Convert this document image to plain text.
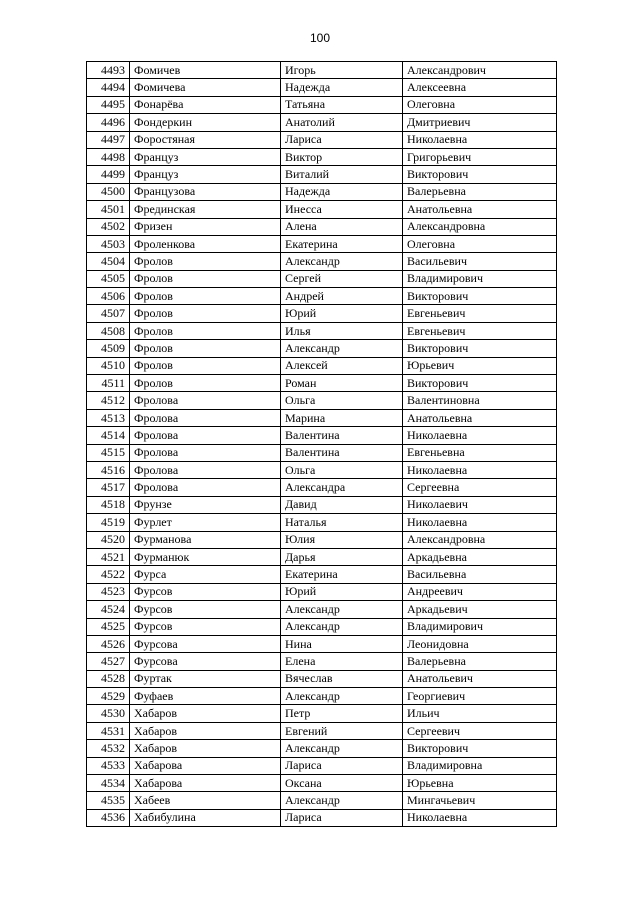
100
4493	Фомичев	Игорь	Александрович
4494	Фомичева	Надежда	Алексеевна
4495	Фонарёва	Татьяна	Олеговна
4496	Фондеркин	Анатолий	Дмитриевич
4497	Форостяная	Лариса	Николаевна
4498	Француз	Виктор	Григорьевич
4499	Француз	Виталий	Викторович
4500	Французова	Надежда	Валерьевна
4501	Фрединская	Инесса	Анатольевна
4502	Фризен	Алена	Александровна
4503	Фроленкова	Екатерина	Олеговна
4504	Фролов	Александр	Васильевич
4505	Фролов	Сергей	Владимирович
4506	Фролов	Андрей	Викторович
4507	Фролов	Юрий	Евгеньевич
4508	Фролов	Илья	Евгеньевич
4509	Фролов	Александр	Викторович
4510	Фролов	Алексей	Юрьевич
4511	Фролов	Роман	Викторович
4512	Фролова	Ольга	Валентиновна
4513	Фролова	Марина	Анатольевна
4514	Фролова	Валентина	Николаевна
4515	Фролова	Валентина	Евгеньевна
4516	Фролова	Ольга	Николаевна
4517	Фролова	Александра	Сергеевна
4518	Фрунзе	Давид	Николаевич
4519	Фурлет	Наталья	Николаевна
4520	Фурманова	Юлия	Александровна
4521	Фурманюк	Дарья	Аркадьевна
4522	Фурса	Екатерина	Васильевна
4523	Фурсов	Юрий	Андреевич
4524	Фурсов	Александр	Аркадьевич
4525	Фурсов	Александр	Владимирович
4526	Фурсова	Нина	Леонидовна
4527	Фурсова	Елена	Валерьевна
4528	Фуртак	Вячеслав	Анатольевич
4529	Фуфаев	Александр	Георгиевич
4530	Хабаров	Петр	Ильич
4531	Хабаров	Евгений	Сергеевич
4532	Хабаров	Александр	Викторович
4533	Хабарова	Лариса	Владимировна
4534	Хабарова	Оксана	Юрьевна
4535	Хабеев	Александр	Мингачьевич
4536	Хабибулина	Лариса	Николаевна
